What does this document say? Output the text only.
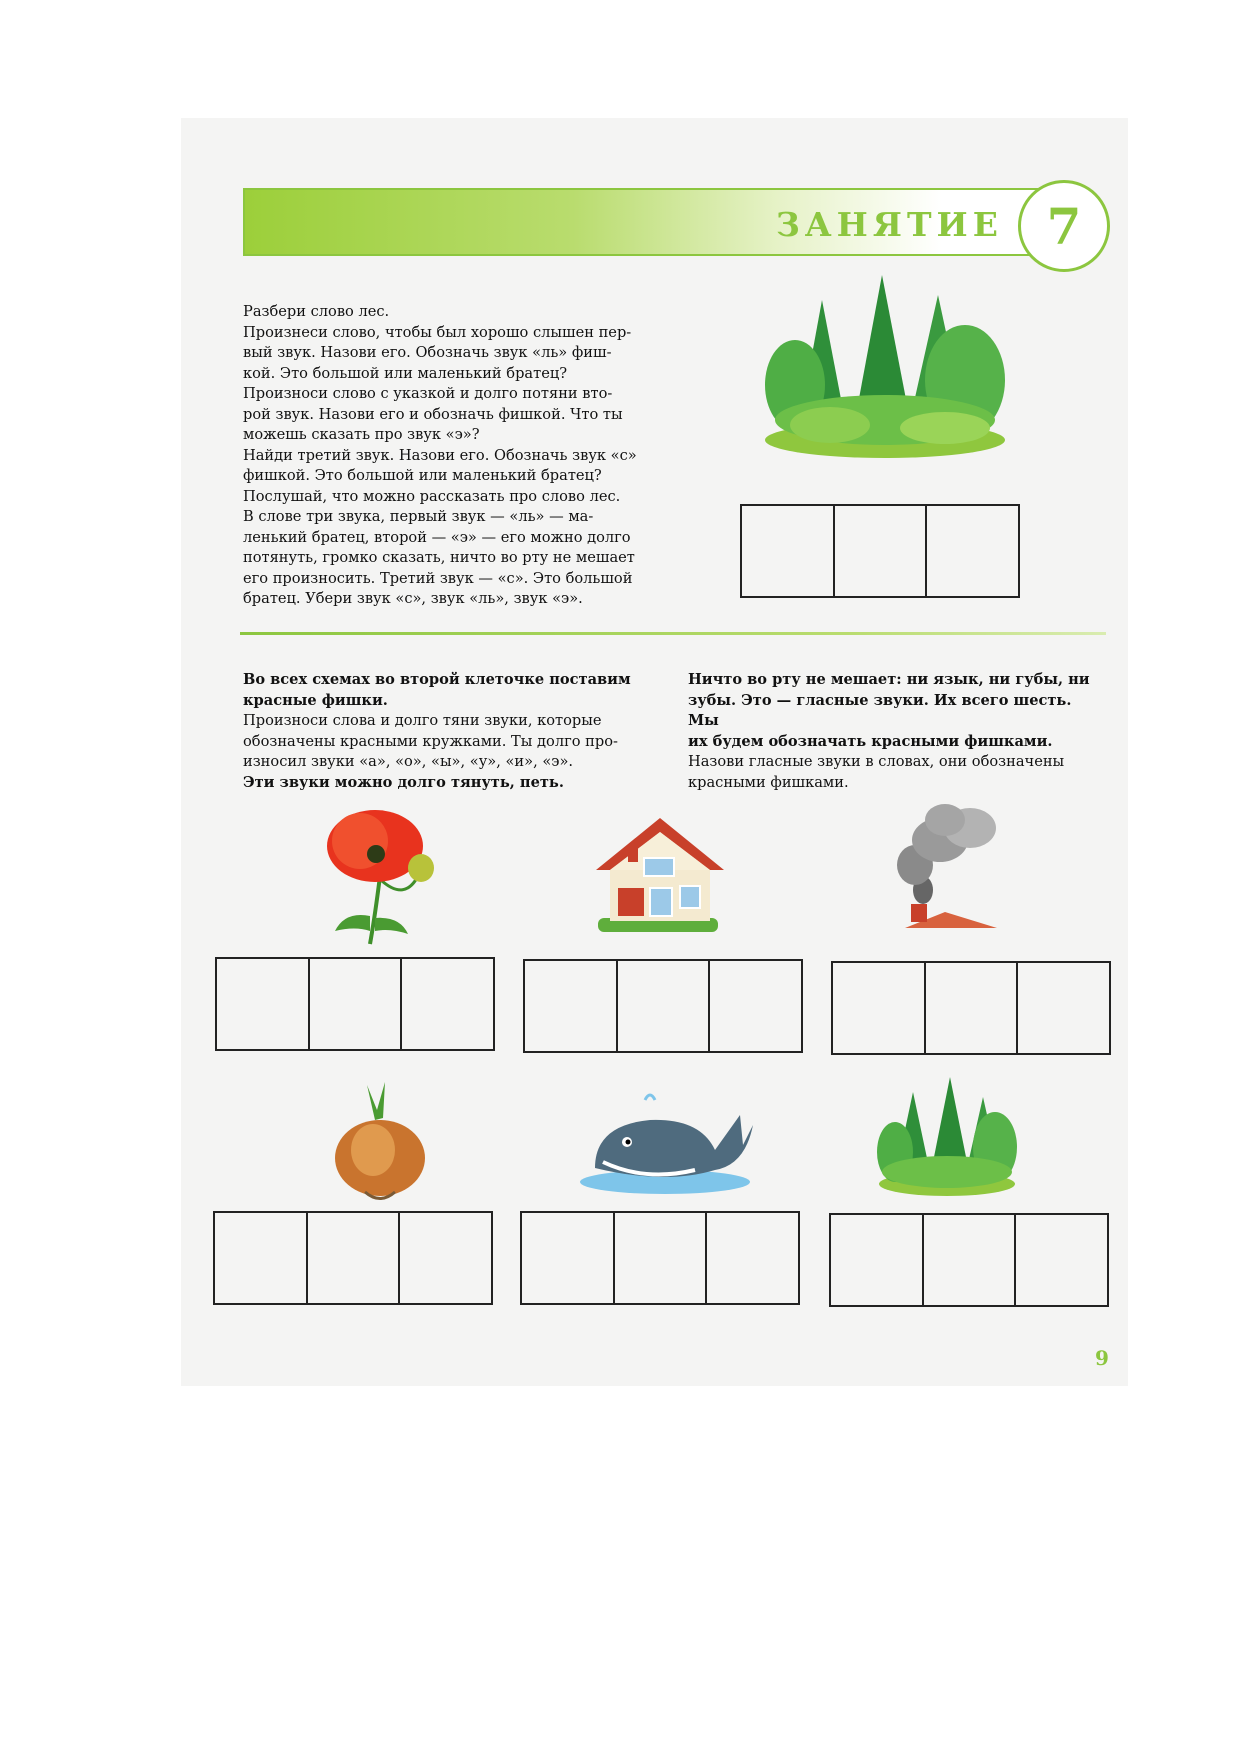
ЗАНЯТИЕ 7

Разбери слово лес.

Произнеси слово, чтобы был хорошо слышен пер-

вый звук. Назови его. Обозначь звук «ль» фиш-

кой. Это большой или маленький братец?

Произноси слово с указкой и долго потяни вто-

рой звук. Назови его и обозначь фишкой. Что ты

можешь сказать про звук «э»?

Найди третий звук. Назови его. Обозначь звук «с»

фишкой. Это большой или маленький братец?

Послушай, что можно рассказать про слово лес.

В слове три звука, первый звук — «ль» — ма-

ленький братец, второй — «э» — его можно долго

потянуть, громко сказать, ничто во рту не мешает

его произносить. Третий звук — «с». Это большой

братец. Убери звук «с», звук «ль», звук «э».

Во всех схемах во второй клеточке поставим

красные фишки.

Произноси слова и долго тяни звуки, которые

обозначены красными кружками. Ты долго про-

износил звуки «а», «о», «ы», «у», «и», «э».

Эти звуки можно долго тянуть, петь.

Ничто во рту не мешает: ни язык, ни губы, ни

зубы. Это — гласные звуки. Их всего шесть. Мы

их будем обозначать красными фишками.

Назови гласные звуки в словах, они обозначены

красными фишками.

9
